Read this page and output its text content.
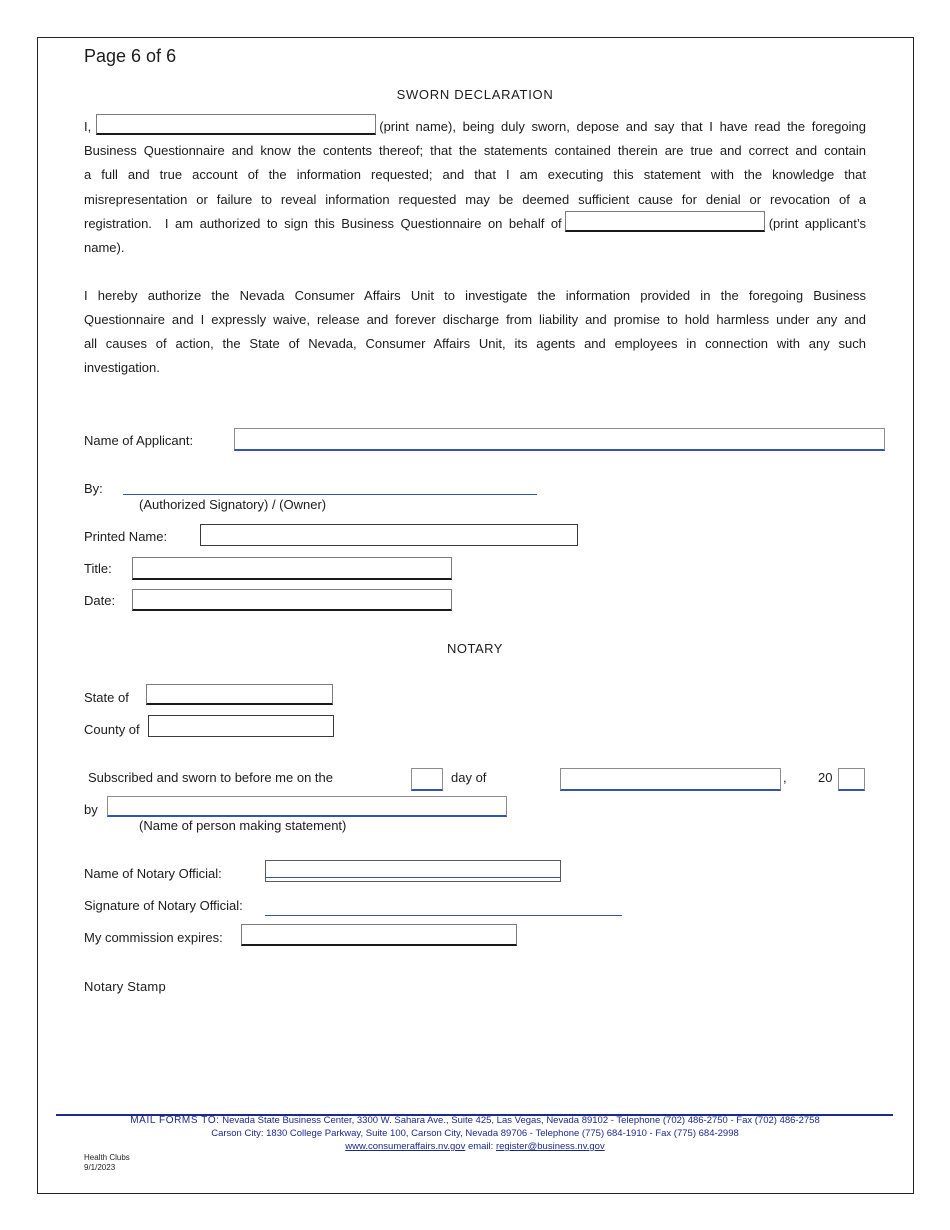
Page 6 of 6
SWORN DECLARATION
I,	(print name), being duly sworn, depose and say that I have read the foregoing
Business Questionnaire and know the contents thereof; that the statements contained therein are true and correct and contain
a full and true account of the information requested; and that I am executing this statement with the knowledge that
misrepresentation or failure to reveal information requested may be deemed sufficient cause for denial or revocation of a
registration.  I am authorized to sign this Business Questionnaire on behalf of	(print applicant’s
name).
I hereby authorize the Nevada Consumer Affairs Unit to investigate the information provided in the foregoing Business
Questionnaire and I expressly waive, release and forever discharge from liability and promise to hold harmless under any and
all causes of action, the State of Nevada, Consumer Affairs Unit, its agents and employees in connection with any such
investigation.
Name of Applicant:
By:
(Authorized Signatory) / (Owner)
Printed Name:
Title:
Date:
NOTARY
State of
County of
Subscribed and sworn to before me on the	day of	, 20
by
(Name of person making statement)
Name of Notary Official:
Signature of Notary Official:
My commission expires:
Notary Stamp
MAIL FORMS TO: Nevada State Business Center, 3300 W. Sahara Ave., Suite 425, Las Vegas, Nevada 89102 - Telephone (702) 486-2750 - Fax (702) 486-2758
Carson City: 1830 College Parkway, Suite 100, Carson City, Nevada 89706 - Telephone (775) 684-1910 - Fax (775) 684-2998
www.consumeraffairs.nv.gov email: register@business.nv.gov
Health Clubs
9/1/2023
